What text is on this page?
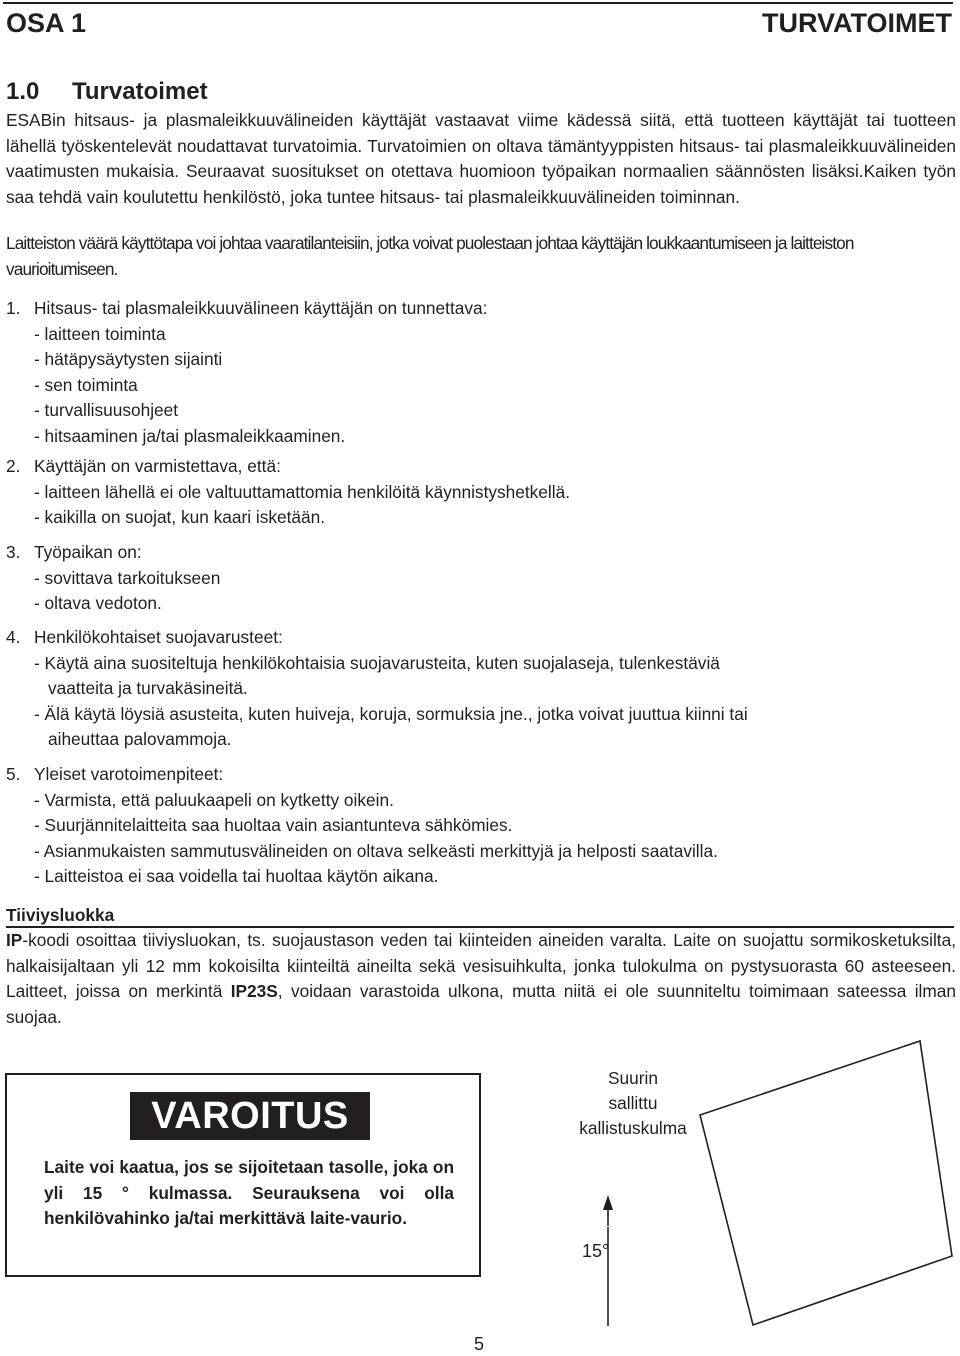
OSA 1	TURVATOIMET
1.0 Turvatoimet

ESABin hitsaus- ja plasmaleikkuuvälineiden käyttäjät vastaavat viime kädessä siitä, että tuotteen käyttäjät tai tuotteen lähellä työskentelevät noudattavat turvatoimia. Turvatoimien on oltava tämäntyyppisten hitsaus- tai plasmaleikkuuvälineiden vaatimusten mukaisia. Seuraavat suositukset on otettava huomioon työpaikan normaalien säännösten lisäksi.Kaiken työn saa tehdä vain koulutettu henkilöstö, joka tuntee hitsaus- tai plasmaleikkuuvälineiden toiminnan.

Laitteiston väärä käyttötapa voi johtaa vaaratilanteisiin, jotka voivat puolestaan johtaa käyttäjän loukkaantumiseen ja laitteiston vaurioitumiseen.

1. Hitsaus- tai plasmaleikkuuvälineen käyttäjän on tunnettava:
- laitteen toiminta
- hätäpysäytysten sijainti
- sen toiminta
- turvallisuusohjeet
- hitsaaminen ja/tai plasmaleikkaaminen.
2. Käyttäjän on varmistettava, että:
- laitteen lähellä ei ole valtuuttamattomia henkilöitä käynnistyshetkellä.
- kaikilla on suojat, kun kaari isketään.
3. Työpaikan on:
- sovittava tarkoitukseen
- oltava vedoton.
4. Henkilökohtaiset suojavarusteet:
- Käytä aina suositeltuja henkilökohtaisia suojavarusteita, kuten suojalaseja, tulenkestäviä
vaatteita ja turvakäsineitä.
- Älä käytä löysiä asusteita, kuten huiveja, koruja, sormuksia jne., jotka voivat juuttua kiinni tai
aiheuttaa palovammoja.
5. Yleiset varotoimenpiteet:
- Varmista, että paluukaapeli on kytketty oikein.
- Suurjännitelaitteita saa huoltaa vain asiantunteva sähkömies.
- Asianmukaisten sammutusvälineiden on oltava selkeästi merkittyjä ja helposti saatavilla.
- Laitteistoa ei saa voidella tai huoltaa käytön aikana.
Tiiviysluokka

IP-koodi osoittaa tiiviysluokan, ts. suojaustason veden tai kiinteiden aineiden varalta. Laite on suojattu sormikosketuksilta, halkaisijaltaan yli 12 mm kokoisilta kiinteiltä aineilta sekä vesisuihkulta, jonka tulokulma on pystysuorasta 60 asteeseen. Laitteet, joissa on merkintä IP23S, voidaan varastoida ulkona, mutta niitä ei ole suunniteltu toimimaan sateessa ilman suojaa.

VAROITUS

Laite voi kaatua, jos se sijoitetaan tasolle, joka on yli 15 ° kulmassa. Seurauksena voi olla henkilövahinko ja/tai merkittävä laite-vaurio.

Suurin
sallittu
kallistuskulma
15°
5
